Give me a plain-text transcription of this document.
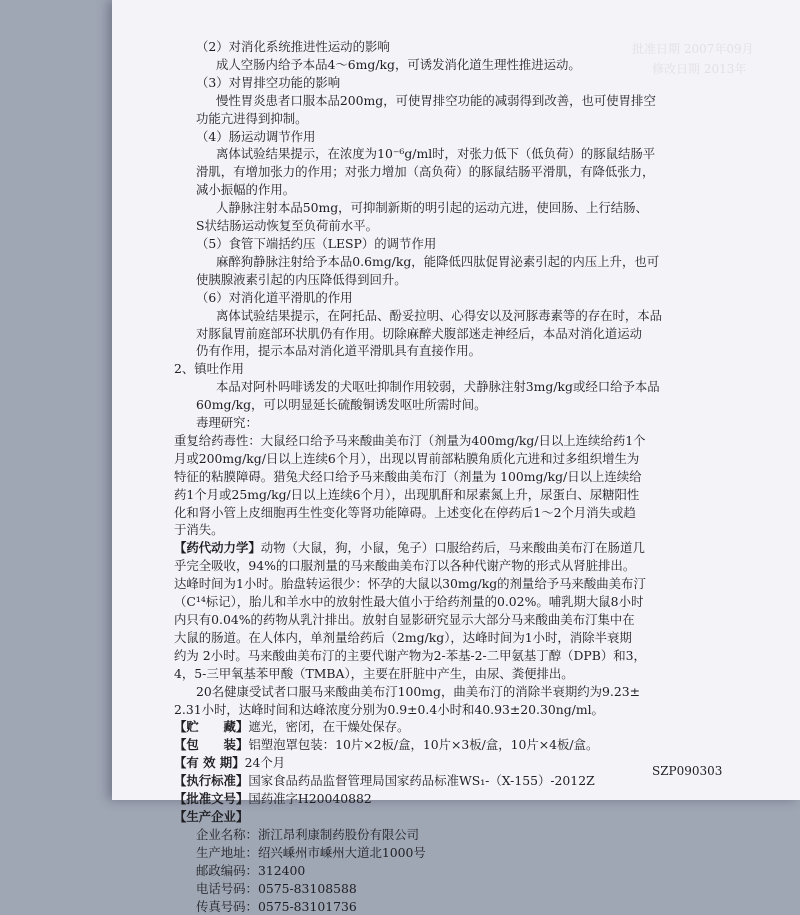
批准日期 2007年09月
修改日期 2013年
（2）对消化系统推进性运动的影响
成人空肠内给予本品4～6mg/kg，可诱发消化道生理性推进运动。
（3）对胃排空功能的影响
慢性胃炎患者口服本品200mg，可使胃排空功能的减弱得到改善，也可使胃排空
功能亢进得到抑制。
（4）肠运动调节作用
离体试验结果提示，在浓度为10⁻⁶g/ml时，对张力低下（低负荷）的豚鼠结肠平
滑肌，有增加张力的作用；对张力增加（高负荷）的豚鼠结肠平滑肌，有降低张力，
减小振幅的作用。
人静脉注射本品50mg，可抑制新斯的明引起的运动亢进，使回肠、上行结肠、
S状结肠运动恢复至负荷前水平。
（5）食管下端括约压（LESP）的调节作用
麻醉狗静脉注射给予本品0.6mg/kg，能降低四肽促胃泌素引起的内压上升，也可
使胰腺液素引起的内压降低得到回升。
（6）对消化道平滑肌的作用
离体试验结果提示，在阿托品、酚妥拉明、心得安以及河豚毒素等的存在时，本品
对豚鼠胃前庭部环状肌仍有作用。切除麻醉犬腹部迷走神经后，本品对消化道运动
仍有作用，提示本品对消化道平滑肌具有直接作用。
2、镇吐作用
本品对阿朴吗啡诱发的犬呕吐抑制作用较弱，犬静脉注射3mg/kg或经口给予本品
60mg/kg，可以明显延长硫酸铜诱发呕吐所需时间。
毒理研究：
重复给药毒性：大鼠经口给予马来酸曲美布汀（剂量为400mg/kg/日以上连续给药1个
月或200mg/kg/日以上连续6个月），出现以胃前部粘膜角质化亢进和过多组织增生为
特征的粘膜障碍。猎兔犬经口给予马来酸曲美布汀（剂量为 100mg/kg/日以上连续给
药1个月或25mg/kg/日以上连续6个月），出现肌酐和尿素氮上升，尿蛋白、尿糖阳性
化和肾小管上皮细胞再生性变化等肾功能障碍。上述变化在停药后1～2个月消失或趋
于消失。
【药代动力学】动物（大鼠，狗，小鼠，兔子）口服给药后，马来酸曲美布汀在肠道几
乎完全吸收，94%的口服剂量的马来酸曲美布汀以各种代谢产物的形式从肾脏排出。
达峰时间为1小时。胎盘转运很少：怀孕的大鼠以30mg/kg的剂量给予马来酸曲美布汀
（C¹⁴标记），胎儿和羊水中的放射性最大值小于给药剂量的0.02%。哺乳期大鼠8小时
内只有0.04%的药物从乳汁排出。放射自显影研究显示大部分马来酸曲美布汀集中在
大鼠的肠道。在人体内，单剂量给药后（2mg/kg），达峰时间为1小时，消除半衰期
约为 2小时。马来酸曲美布汀的主要代谢产物为2-苯基-2-二甲氨基丁醇（DPB）和3，
4，5-三甲氧基苯甲酸（TMBA），主要在肝脏中产生，由尿、粪便排出。
20名健康受试者口服马来酸曲美布汀100mg，曲美布汀的消除半衰期约为9.23±
2.31小时，达峰时间和达峰浓度分别为0.9±0.4小时和40.93±20.30ng/ml。
【贮　　藏】遮光，密闭，在干燥处保存。
【包　　装】铝塑泡罩包装：10片×2板/盒，10片×3板/盒，10片×4板/盒。
【有 效 期】24个月
【执行标准】国家食品药品监督管理局国家药品标准WS₁-（X-155）-2012Z
【批准文号】国药准字H20040882
【生产企业】
企业名称：浙江昂利康制药股份有限公司
生产地址：绍兴嵊州市嵊州大道北1000号
邮政编码：312400
电话号码：0575-83108588
传真号码：0575-83101736
SZP090303
